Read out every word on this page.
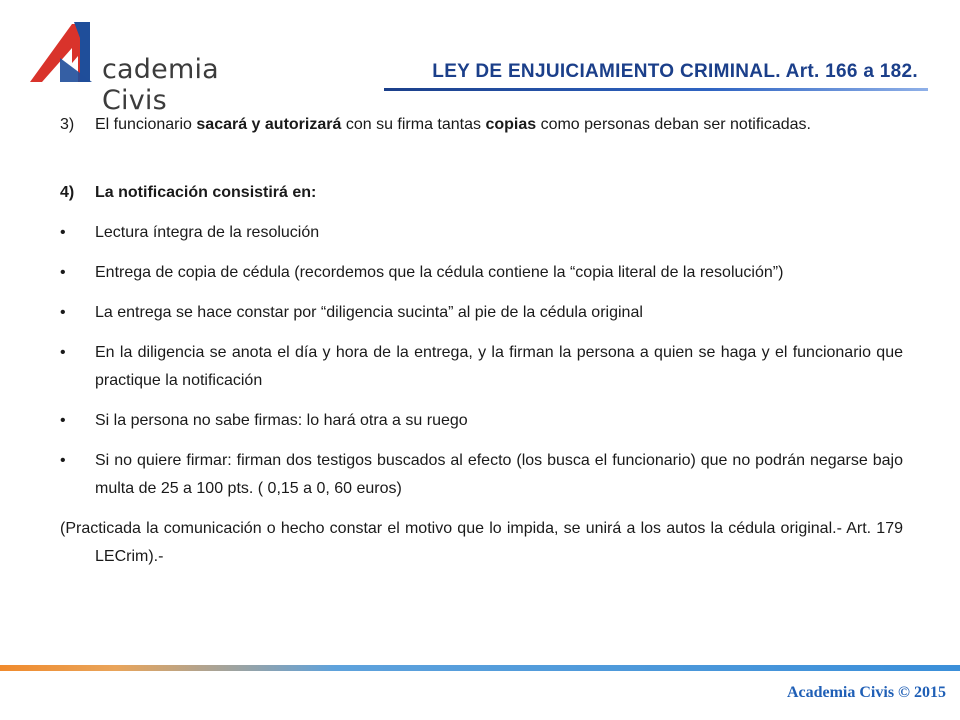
cademia Civis
LEY DE ENJUICIAMIENTO CRIMINAL. Art. 166 a 182.
3) El funcionario sacará y autorizará con su firma tantas copias como personas deban ser notificadas.
4) La notificación consistirá en:
• Lectura íntegra de la resolución
• Entrega de copia de cédula (recordemos que la cédula contiene la “copia literal de la resolución”)
• La entrega se hace constar por “diligencia sucinta” al pie de la cédula original
• En la diligencia se anota el día y hora de la entrega, y la firman la persona a quien se haga y el funcionario que practique la notificación
• Si la persona no sabe firmas: lo hará otra a su ruego
• Si no quiere firmar: firman dos testigos buscados al efecto (los busca el funcionario) que no podrán negarse bajo multa de 25 a 100 pts. ( 0,15 a 0, 60 euros)
(Practicada la comunicación o hecho constar el motivo que lo impida, se unirá a los autos la cédula original.- Art. 179 LECrim).-
Academia Civis © 2015
